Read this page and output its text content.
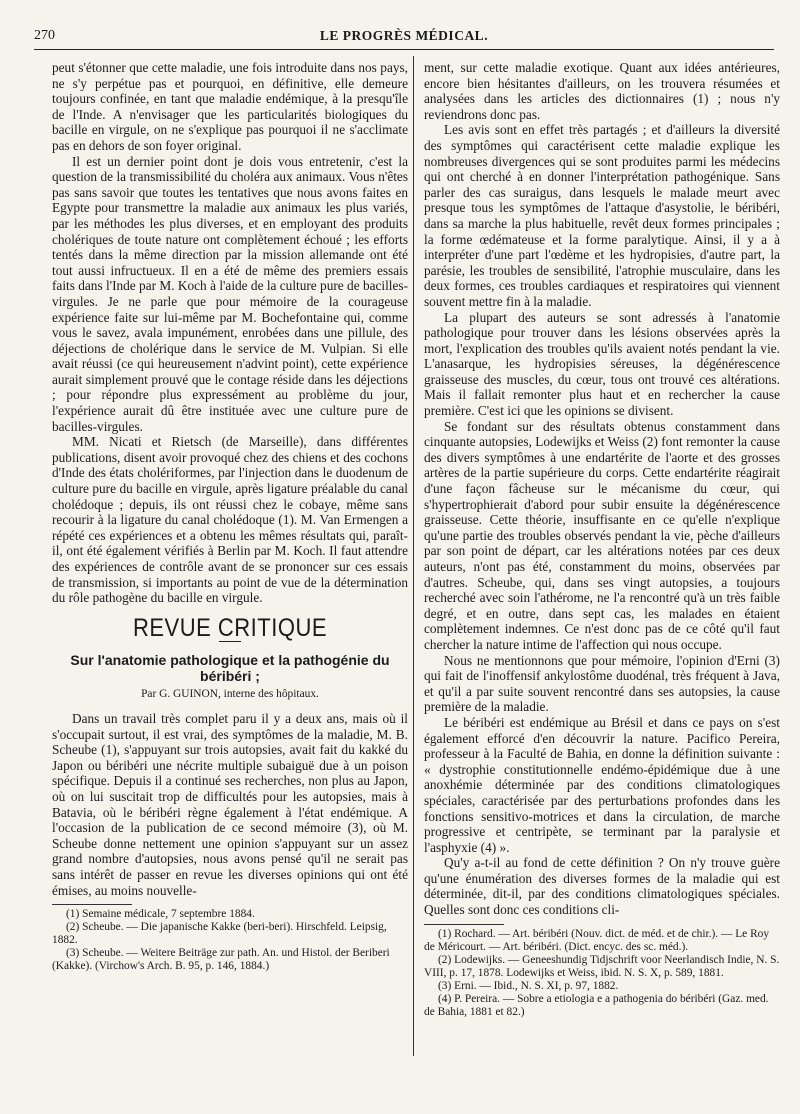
270	LE PROGRÈS MÉDICAL.

peut s'étonner que cette maladie, une fois introduite dans nos pays, ne s'y perpétue pas et pourquoi, en définitive, elle demeure toujours confinée, en tant que maladie endémique, à la presqu'île de l'Inde. A n'envisager que les particularités biologiques du bacille en virgule, on ne s'explique pas pourquoi il ne s'acclimate pas en dehors de son foyer original.

Il est un dernier point dont je dois vous entretenir, c'est la question de la transmissibilité du choléra aux animaux. Vous n'êtes pas sans savoir que toutes les tentatives que nous avons faites en Egypte pour transmettre la maladie aux animaux les plus variés, par les méthodes les plus diverses, et en employant des produits cholériques de toute nature ont complètement échoué ; les efforts tentés dans la même direction par la mission allemande ont été tout aussi infructueux. Il en a été de même des premiers essais faits dans l'Inde par M. Koch à l'aide de la culture pure de bacilles-virgules. Je ne parle que pour mémoire de la courageuse expérience faite sur lui-même par M. Bochefontaine qui, comme vous le savez, avala impunément, enrobées dans une pillule, des déjections de cholérique dans le service de M. Vulpian. Si elle avait réussi (ce qui heureusement n'advint point), cette expérience aurait simplement prouvé que le contage réside dans les déjections ; pour répondre plus expressément au problème du jour, l'expérience aurait dû être instituée avec une culture pure de bacilles-virgules.

MM. Nicati et Rietsch (de Marseille), dans différentes publications, disent avoir provoqué chez des chiens et des cochons d'Inde des états cholériformes, par l'injection dans le duodenum de culture pure du bacille en virgule, après ligature préalable du canal cholédoque ; depuis, ils ont réussi chez le cobaye, même sans recourir à la ligature du canal cholédoque (1). M. Van Ermengen a répété ces expériences et a obtenu les mêmes résultats qui, paraît-il, ont été également vérifiés à Berlin par M. Koch. Il faut attendre des expériences de contrôle avant de se prononcer sur ces essais de transmission, si importants au point de vue de la détermination du rôle pathogène du bacille en virgule.

REVUE CRITIQUE
Sur l'anatomie pathologique et la pathogénie du béribéri ;
Par G. GUINON, interne des hôpitaux.

Dans un travail très complet paru il y a deux ans, mais où il s'occupait surtout, il est vrai, des symptômes de la maladie, M. B. Scheube (1), s'appuyant sur trois autopsies, avait fait du kakké du Japon ou béribéri une nécrite multiple subaiguë due à un poison spécifique. Depuis il a continué ses recherches, non plus au Japon, où on lui suscitait trop de difficultés pour les autopsies, mais à Batavia, où le béribéri règne également à l'état endémique. A l'occasion de la publication de ce second mémoire (3), où M. Scheube donne nettement une opinion s'appuyant sur un assez grand nombre d'autopsies, nous avons pensé qu'il ne serait pas sans intérêt de passer en revue les diverses opinions qui ont été émises, au moins nouvelle-

(1) Semaine médicale, 7 septembre 1884.

(2) Scheube. — Die japanische Kakke (beri-beri). Hirschfeld. Leipsig, 1882.

(3) Scheube. — Weitere Beiträge zur path. An. und Histol. der Beriberi (Kakke). (Virchow's Arch. B. 95, p. 146, 1884.)

ment, sur cette maladie exotique. Quant aux idées antérieures, encore bien hésitantes d'ailleurs, on les trouvera résumées et analysées dans les articles des dictionnaires (1) ; nous n'y reviendrons donc pas.

Les avis sont en effet très partagés ; et d'ailleurs la diversité des symptômes qui caractérisent cette maladie explique les nombreuses divergences qui se sont produites parmi les médecins qui ont cherché à en donner l'interprétation pathogénique. Sans parler des cas suraigus, dans lesquels le malade meurt avec presque tous les symptômes de l'attaque d'asystolie, le béribéri, dans sa marche la plus habituelle, revêt deux formes principales ; la forme œdémateuse et la forme paralytique. Ainsi, il y a à interpréter d'une part l'œdème et les hydropisies, d'autre part, la parésie, les troubles de sensibilité, l'atrophie musculaire, dans les deux formes, ces troubles cardiaques et respiratoires qui viennent souvent mettre fin à la maladie.

La plupart des auteurs se sont adressés à l'anatomie pathologique pour trouver dans les lésions observées après la mort, l'explication des troubles qu'ils avaient notés pendant la vie. L'anasarque, les hydropisies séreuses, la dégénérescence graisseuse des muscles, du cœur, tous ont trouvé ces altérations. Mais il fallait remonter plus haut et en rechercher la cause première. C'est ici que les opinions se divisent.

Se fondant sur des résultats obtenus constamment dans cinquante autopsies, Lodewijks et Weiss (2) font remonter la cause des divers symptômes à une endartérite de l'aorte et des grosses artères de la partie supérieure du corps. Cette endartérite réagirait d'une façon fâcheuse sur le mécanisme du cœur, qui s'hypertrophierait d'abord pour subir ensuite la dégénérescence graisseuse. Cette théorie, insuffisante en ce qu'elle n'explique qu'une partie des troubles observés pendant la vie, pèche d'ailleurs par son point de départ, car les altérations notées par ces deux auteurs, n'ont pas été, constamment du moins, observées par d'autres. Scheube, qui, dans ses vingt autopsies, a toujours recherché avec soin l'athérome, ne l'a rencontré qu'à un très faible degré, et en outre, dans sept cas, les malades en étaient complètement indemnes. Ce n'est donc pas de ce côté qu'il faut chercher la nature intime de l'affection qui nous occupe.

Nous ne mentionnons que pour mémoire, l'opinion d'Erni (3) qui fait de l'inoffensif ankylostôme duodénal, très fréquent à Java, et qu'il a par suite souvent rencontré dans ses autopsies, la cause première de la maladie.

Le béribéri est endémique au Brésil et dans ce pays on s'est également efforcé d'en découvrir la nature. Pacifico Pereira, professeur à la Faculté de Bahia, en donne la définition suivante : « dystrophie constitutionnelle endémo-épidémique due à une anoxhémie déterminée par des conditions climatologiques spéciales, caractérisée par des perturbations profondes dans les fonctions sensitivo-motrices et dans la circulation, de marche progressive et centripète, se terminant par la paralysie et l'asphyxie (4) ».

Qu'y a-t-il au fond de cette définition ? On n'y trouve guère qu'une énumération des diverses formes de la maladie qui est déterminée, dit-il, par des conditions climatologiques spéciales. Quelles sont donc ces conditions cli-

(1) Rochard. — Art. béribéri (Nouv. dict. de méd. et de chir.). — Le Roy de Méricourt. — Art. béribéri. (Dict. encyc. des sc. méd.).

(2) Lodewijks. — Geneeshundig Tidjschrift voor Neerlandisch Indie, N. S. VIII, p. 17, 1878. Lodewijks et Weiss, ibid. N. S. X, p. 589, 1881.

(3) Erni. — Ibid., N. S. XI, p. 97, 1882.

(4) P. Pereira. — Sobre a etiologia e a pathogenia do béribéri (Gaz. med. de Bahia, 1881 et 82.)
